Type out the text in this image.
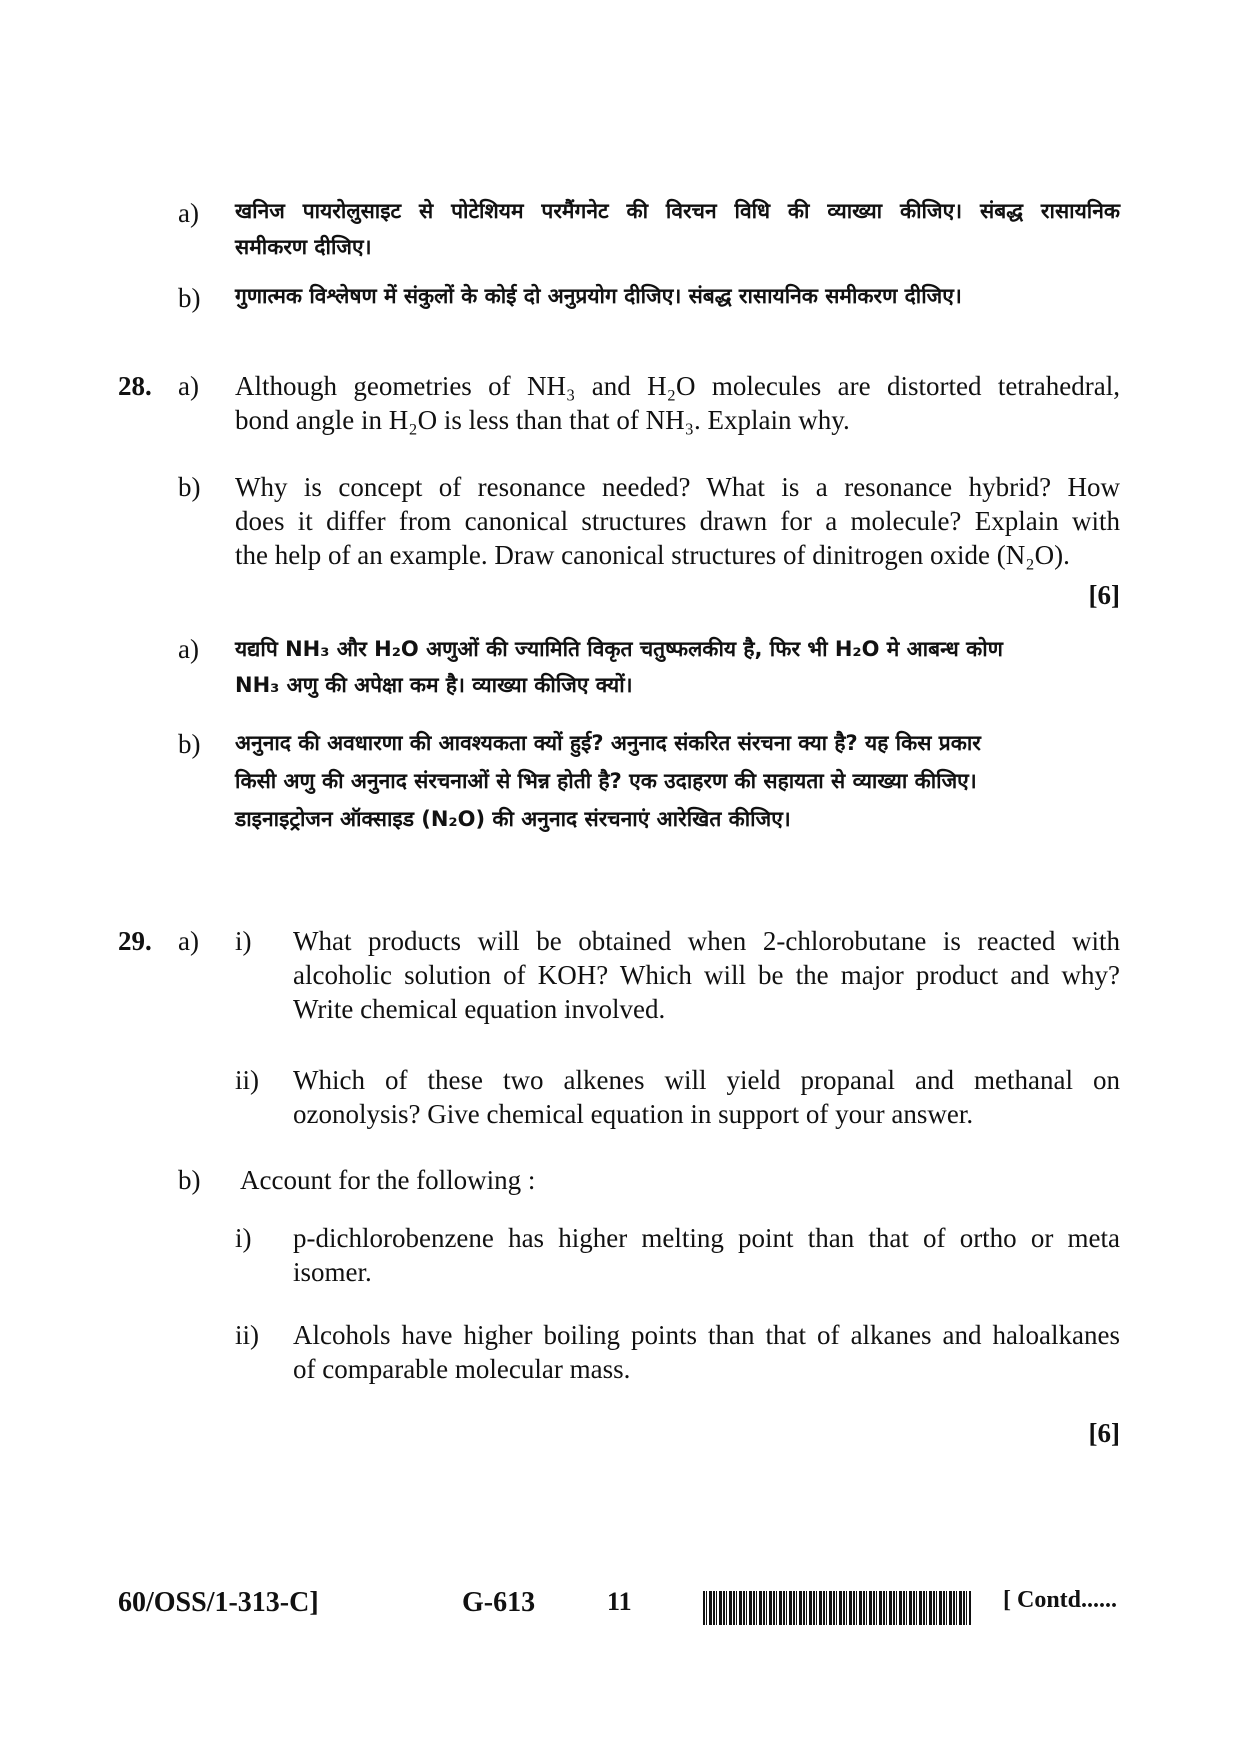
a) खनिज पायरोलुसाइट से पोटेशियम परमैंगनेट की विरचन विधि की व्याख्या कीजिए। संबद्ध रासायनिक
समीकरण दीजिए।
b) गुणात्मक विश्लेषण में संकुलों के कोई दो अनुप्रयोग दीजिए। संबद्ध रासायनिक समीकरण दीजिए।
28. a) Although geometries of NH₃ and H₂O molecules are distorted tetrahedral,
bond angle in H₂O is less than that of NH₃. Explain why.
b) Why is concept of resonance needed? What is a resonance hybrid? How
does it differ from canonical structures drawn for a molecule? Explain with
the help of an example. Draw canonical structures of dinitrogen oxide (N₂O).
[6]
a) यद्यपि NH₃ और H₂O अणुओं की ज्यामिति विकृत चतुष्फलकीय है, फिर भी H₂O मे आबन्ध कोण
NH₃ अणु की अपेक्षा कम है। व्याख्या कीजिए क्यों।
b) अनुनाद की अवधारणा की आवश्यकता क्यों हुई? अनुनाद संकरित संरचना क्या है? यह किस प्रकार
किसी अणु की अनुनाद संरचनाओं से भिन्न होती है? एक उदाहरण की सहायता से व्याख्या कीजिए।
डाइनाइट्रोजन ऑक्साइड (N₂O) की अनुनाद संरचनाएं आरेखित कीजिए।
29. a) i) What products will be obtained when 2-chlorobutane is reacted with
alcoholic solution of KOH? Which will be the major product and why?
Write chemical equation involved.
ii) Which of these two alkenes will yield propanal and methanal on
ozonolysis? Give chemical equation in support of your answer.
b) Account for the following :
i) p-dichlorobenzene has higher melting point than that of ortho or meta
isomer.
ii) Alcohols have higher boiling points than that of alkanes and haloalkanes
of comparable molecular mass.
[6]
60/OSS/1-313-C]	G-613	11	[ Contd......
